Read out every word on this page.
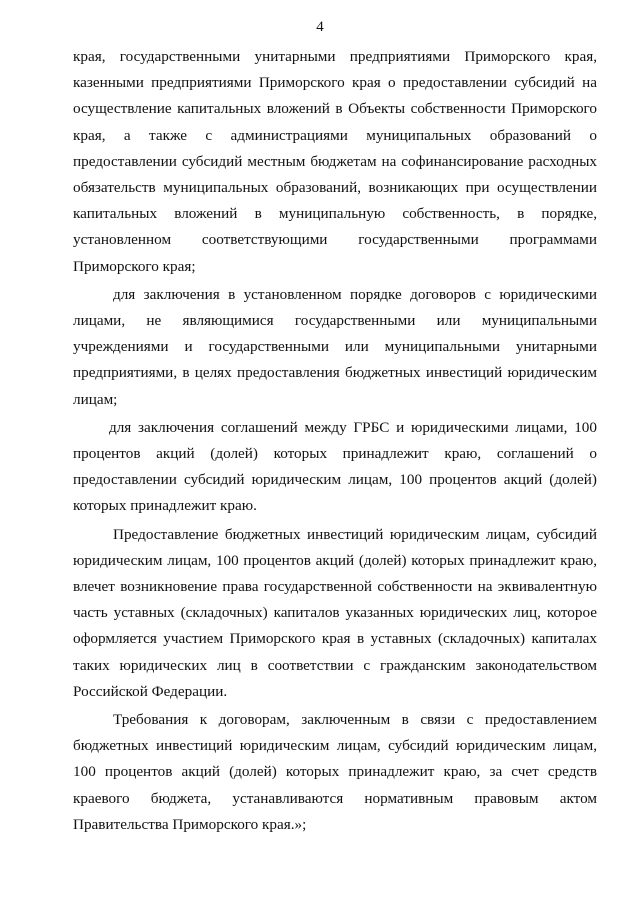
4

края, государственными унитарными предприятиями Приморского края, казенными предприятиями Приморского края о предоставлении субсидий на осуществление капитальных вложений в Объекты собственности Приморского края, а также с администрациями муниципальных образований о предоставлении субсидий местным бюджетам на софинансирование расходных обязательств муниципальных образований, возникающих при осуществлении капитальных вложений в муниципальную собственность, в порядке, установленном соответствующими государственными программами Приморского края;

для заключения в установленном порядке договоров с юридическими лицами, не являющимися государственными или муниципальными учреждениями и государственными или муниципальными унитарными предприятиями, в целях предоставления бюджетных инвестиций юридическим лицам;

для заключения соглашений между ГРБС и юридическими лицами, 100 процентов акций (долей) которых принадлежит краю, соглашений о предоставлении субсидий юридическим лицам, 100 процентов акций (долей) которых принадлежит краю.

Предоставление бюджетных инвестиций юридическим лицам, субсидий юридическим лицам, 100 процентов акций (долей) которых принадлежит краю, влечет возникновение права государственной собственности на эквивалентную часть уставных (складочных) капиталов указанных юридических лиц, которое оформляется участием Приморского края в уставных (складочных) капиталах таких юридических лиц в соответствии с гражданским законодательством Российской Федерации.

Требования к договорам, заключенным в связи с предоставлением бюджетных инвестиций юридическим лицам, субсидий юридическим лицам, 100 процентов акций (долей) которых принадлежит краю, за счет средств краевого бюджета, устанавливаются нормативным правовым актом Правительства Приморского края.»;
